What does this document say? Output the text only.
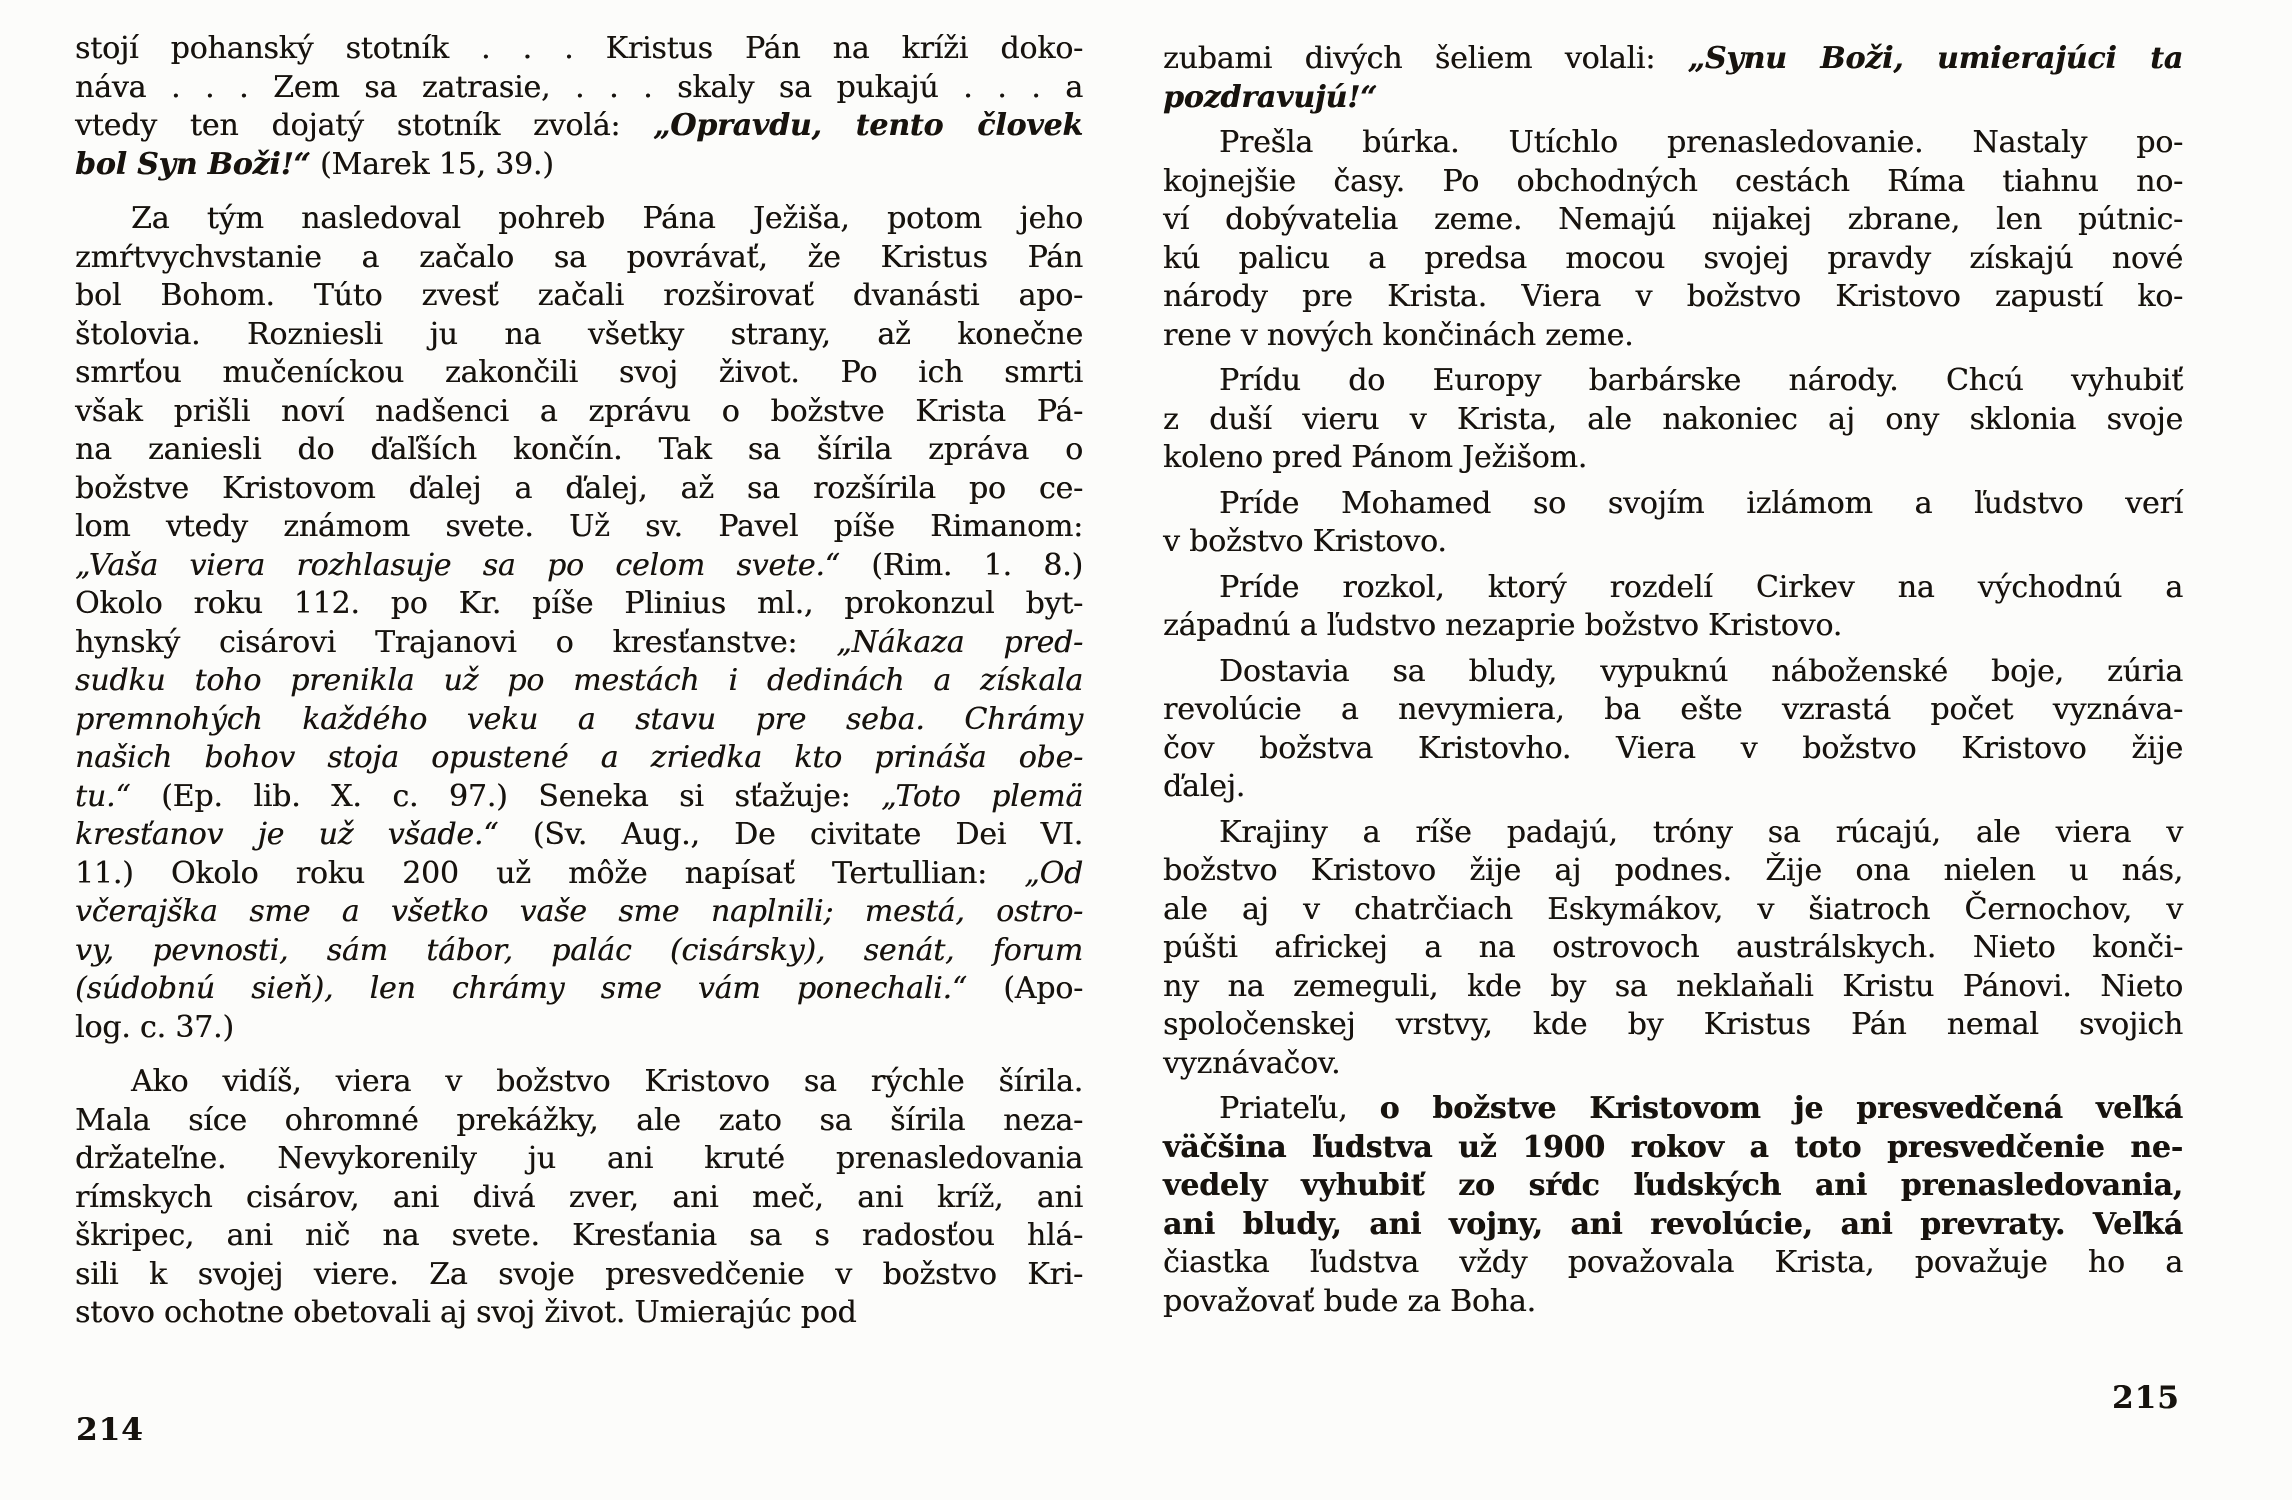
stojí pohanský stotník . . . Kristus Pán na kríži doko-
náva . . . Zem sa zatrasie, . . . skaly sa pukajú . . . a
vtedy ten dojatý stotník zvolá: „Opravdu, tento človek
bol Syn Boži!“ (Marek 15, 39.)
Za tým nasledoval pohreb Pána Ježiša, potom jeho
zmŕtvychvstanie a začalo sa povrávať, že Kristus Pán
bol Bohom. Túto zvesť začali rozširovať dvanásti apo-
štolovia. Rozniesli ju na všetky strany, až konečne
smrťou mučeníckou zakončili svoj život. Po ich smrti
však prišli noví nadšenci a zprávu o božstve Krista Pá-
na zaniesli do ďaľších končín. Tak sa šírila zpráva o
božstve Kristovom ďalej a ďalej, až sa rozšírila po ce-
lom vtedy známom svete. Už sv. Pavel píše Rimanom:
„Vaša viera rozhlasuje sa po celom svete.“ (Rim. 1. 8.)
Okolo roku 112. po Kr. píše Plinius ml., prokonzul byt-
hynský cisárovi Trajanovi o kresťanstve: „Nákaza pred-
sudku toho prenikla už po mestách i dedinách a získala
premnohých každého veku a stavu pre seba. Chrámy
našich bohov stoja opustené a zriedka kto prináša obe-
tu.“ (Ep. lib. X. c. 97.) Seneka si sťažuje: „Toto plemä
kresťanov je už všade.“ (Sv. Aug., De civitate Dei VI.
11.) Okolo roku 200 už môže napísať Tertullian: „Od
včerajška sme a všetko vaše sme naplnili; mestá, ostro-
vy, pevnosti, sám tábor, palác (cisársky), senát, forum
(súdobnú sieň), len chrámy sme vám ponechali.“ (Apo-
log. c. 37.)
Ako vidíš, viera v božstvo Kristovo sa rýchle šírila.
Mala síce ohromné prekážky, ale zato sa šírila neza-
držateľne. Nevykorenily ju ani kruté prenasledovania
rímskych cisárov, ani divá zver, ani meč, ani kríž, ani
škripec, ani nič na svete. Kresťania sa s radosťou hlá-
sili k svojej viere. Za svoje presvedčenie v božstvo Kri-
stovo ochotne obetovali aj svoj život. Umierajúc pod
zubami divých šeliem volali: „Synu Boži, umierajúci ta
pozdravujú!“
Prešla búrka. Utíchlo prenasledovanie. Nastaly po-
kojnejšie časy. Po obchodných cestách Ríma tiahnu no-
ví dobývatelia zeme. Nemajú nijakej zbrane, len pútnic-
kú palicu a predsa mocou svojej pravdy získajú nové
národy pre Krista. Viera v božstvo Kristovo zapustí ko-
rene v nových končinách zeme.
Prídu do Europy barbárske národy. Chcú vyhubiť
z duší vieru v Krista, ale nakoniec aj ony sklonia svoje
koleno pred Pánom Ježišom.
Príde Mohamed so svojím izlámom a ľudstvo verí
v božstvo Kristovo.
Príde rozkol, ktorý rozdelí Cirkev na východnú a
západnú a ľudstvo nezaprie božstvo Kristovo.
Dostavia sa bludy, vypuknú náboženské boje, zúria
revolúcie a nevymiera, ba ešte vzrastá počet vyznáva-
čov božstva Kristovho. Viera v božstvo Kristovo žije
ďalej.
Krajiny a ríše padajú, tróny sa rúcajú, ale viera v
božstvo Kristovo žije aj podnes. Žije ona nielen u nás,
ale aj v chatrčiach Eskymákov, v šiatroch Černochov, v
púšti africkej a na ostrovoch austrálskych. Nieto konči-
ny na zemeguli, kde by sa neklaňali Kristu Pánovi. Nieto
spoločenskej vrstvy, kde by Kristus Pán nemal svojich
vyznávačov.
Priateľu, o božstve Kristovom je presvedčená veľká
väčšina ľudstva už 1900 rokov a toto presvedčenie ne-
vedely vyhubiť zo sŕdc ľudských ani prenasledovania,
ani bludy, ani vojny, ani revolúcie, ani prevraty. Veľká
čiastka ľudstva vždy považovala Krista, považuje ho a
považovať bude za Boha.
214
215
